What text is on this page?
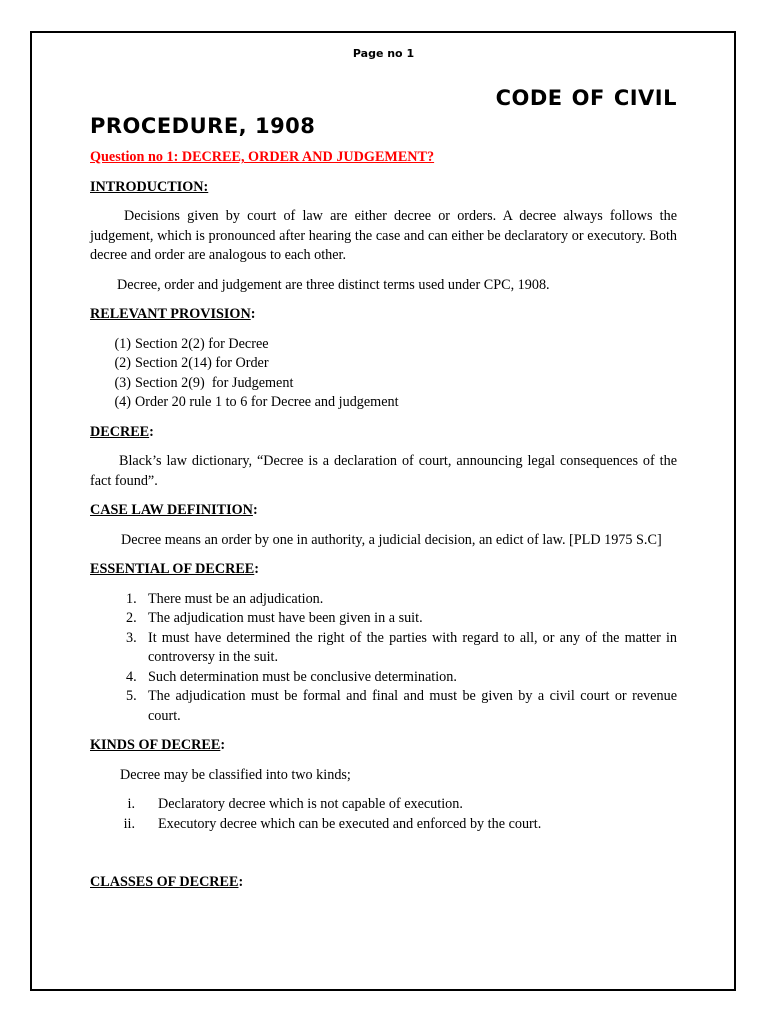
Page no 1
CODE OF CIVIL
PROCEDURE, 1908
Question no 1: DECREE, ORDER AND JUDGEMENT?
INTRODUCTION:

Decisions given by court of law are either decree or orders. A decree always follows the judgement, which is pronounced after hearing the case and can either be declaratory or executory. Both decree and order are analogous to each other.

Decree, order and judgement are three distinct terms used under CPC, 1908.

RELEVANT PROVISION:
(1) Section 2(2) for Decree
(2) Section 2(14) for Order
(3) Section 2(9)  for Judgement
(4) Order 20 rule 1 to 6 for Decree and judgement
DECREE:

Black’s law dictionary, “Decree is a declaration of court, announcing legal consequences of the fact found”.

CASE LAW DEFINITION:

Decree means an order by one in authority, a judicial decision, an edict of law. [PLD 1975 S.C]

ESSENTIAL OF DECREE:
1. There must be an adjudication.
2. The adjudication must have been given in a suit.
3. It must have determined the right of the parties with regard to all, or any of the matter in controversy in the suit.
4. Such determination must be conclusive determination.
5. The adjudication must be formal and final and must be given by a civil court or revenue court.
KINDS OF DECREE:

Decree may be classified into two kinds;

i.	Declaratory decree which is not capable of execution.
ii.	Executory decree which can be executed and enforced by the court.
CLASSES OF DECREE:
